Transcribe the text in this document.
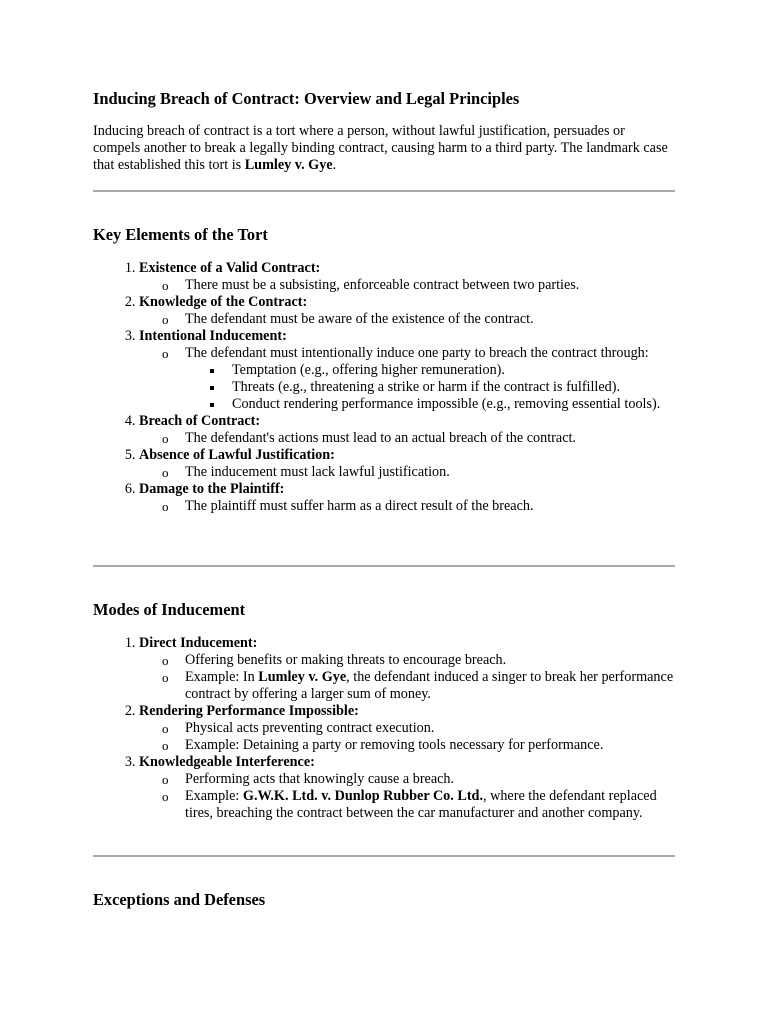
Inducing Breach of Contract: Overview and Legal Principles

Inducing breach of contract is a tort where a person, without lawful justification, persuades or compels another to break a legally binding contract, causing harm to a third party. The landmark case that established this tort is Lumley v. Gye.

Key Elements of the Tort
1. Existence of a Valid Contract:
o There must be a subsisting, enforceable contract between two parties.
2. Knowledge of the Contract:
o The defendant must be aware of the existence of the contract.
3. Intentional Inducement:
o The defendant must intentionally induce one party to breach the contract through:
Temptation (e.g., offering higher remuneration).
Threats (e.g., threatening a strike or harm if the contract is fulfilled).
Conduct rendering performance impossible (e.g., removing essential tools).
4. Breach of Contract:
o The defendant's actions must lead to an actual breach of the contract.
5. Absence of Lawful Justification:
o The inducement must lack lawful justification.
6. Damage to the Plaintiff:
o The plaintiff must suffer harm as a direct result of the breach.
Modes of Inducement
1. Direct Inducement:
o Offering benefits or making threats to encourage breach.
o Example: In Lumley v. Gye, the defendant induced a singer to break her performance contract by offering a larger sum of money.
2. Rendering Performance Impossible:
o Physical acts preventing contract execution.
o Example: Detaining a party or removing tools necessary for performance.
3. Knowledgeable Interference:
o Performing acts that knowingly cause a breach.
o Example: G.W.K. Ltd. v. Dunlop Rubber Co. Ltd., where the defendant replaced tires, breaching the contract between the car manufacturer and another company.
Exceptions and Defenses
